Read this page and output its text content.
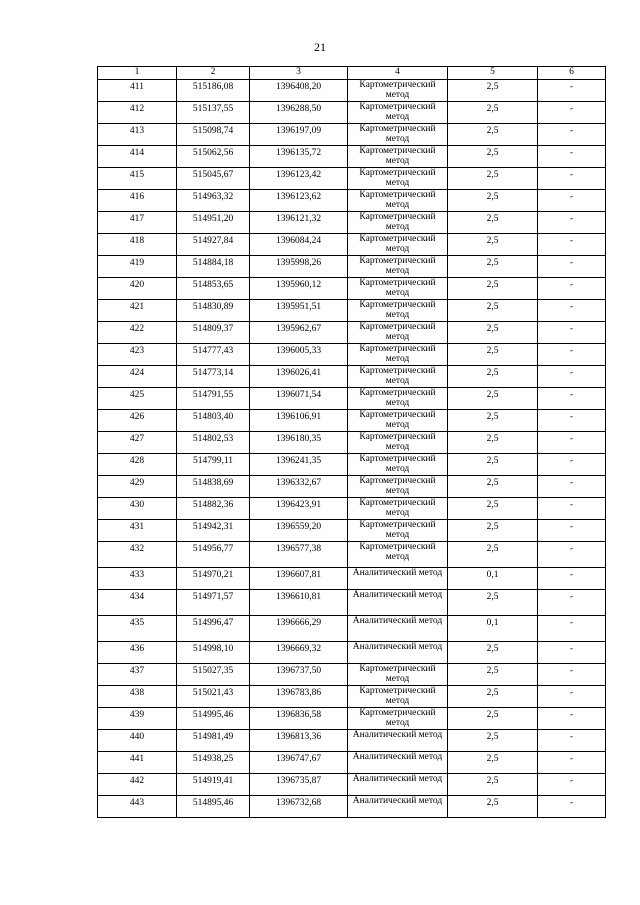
21
1	2	3	4	5	6

411	515186,08	1396408,20	Картометрический метод	2,5	-

412	515137,55	1396288,50	Картометрический метод	2,5	-

413	515098,74	1396197,09	Картометрический метод	2,5	-

414	515062,56	1396135,72	Картометрический метод	2,5	-

415	515045,67	1396123,42	Картометрический метод	2,5	-

416	514963,32	1396123,62	Картометрический метод	2,5	-

417	514951,20	1396121,32	Картометрический метод	2,5	-

418	514927,84	1396084,24	Картометрический метод	2,5	-

419	514884,18	1395998,26	Картометрический метод	2,5	-

420	514853,65	1395960,12	Картометрический метод	2,5	-

421	514830,89	1395951,51	Картометрический метод	2,5	-

422	514809,37	1395962,67	Картометрический метод	2,5	-

423	514777,43	1396005,33	Картометрический метод	2,5	-

424	514773,14	1396026,41	Картометрический метод	2,5	-

425	514791,55	1396071,54	Картометрический метод	2,5	-

426	514803,40	1396106,91	Картометрический метод	2,5	-

427	514802,53	1396180,35	Картометрический метод	2,5	-

428	514799,11	1396241,35	Картометрический метод	2,5	-

429	514838,69	1396332,67	Картометрический метод	2,5	-

430	514882,36	1396423,91	Картометрический метод	2,5	-

431	514942,31	1396559,20	Картометрический метод	2,5	-

432	514956,77	1396577,38	Картометрический метод	2,5	-

433	514970,21	1396607,81	Аналитический метод	0,1	-

434	514971,57	1396610,81	Аналитический метод	2,5	-

435	514996,47	1396666,29	Аналитический метод	0,1	-

436	514998,10	1396669,32	Аналитический метод	2,5	-

437	515027,35	1396737,50	Картометрический метод	2,5	-

438	515021,43	1396783,86	Картометрический метод	2,5	-

439	514995,46	1396836,58	Картометрический метод	2,5	-

440	514981,49	1396813,36	Аналитический метод	2,5	-

441	514938,25	1396747,67	Аналитический метод	2,5	-

442	514919,41	1396735,87	Аналитический метод	2,5	-

443	514895,46	1396732,68	Аналитический метод	2,5	-
